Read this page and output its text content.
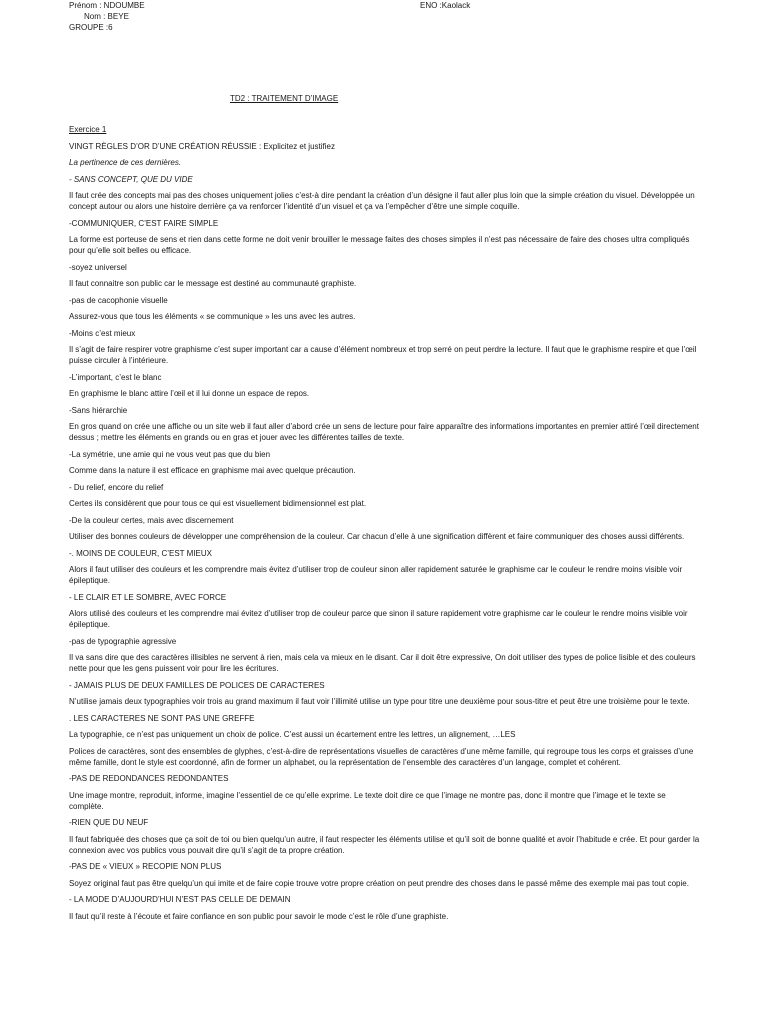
Prénom : NDOUMBE
Nom : BEYE
GROUPE :6
ENO :Kaolack
TD2 : TRAITEMENT D’IMAGE

Exercice 1

VINGT RÈGLES D’OR D’UNE CRÉATION RÉUSSIE : Explicitez et justifiez

La pertinence de ces dernières.

- SANS CONCEPT, QUE DU VIDE

Il faut crée des concepts mai pas des choses uniquement jolies c’est-à dire pendant la création d’un désigne il faut aller plus loin que la simple création du visuel. Développée un concept autour ou alors une histoire derrière ça va renforcer l’identité d’un visuel et ça va l’empêcher d’être une simple coquille.

-COMMUNIQUER, C’EST FAIRE SIMPLE

La forme est porteuse de sens et rien dans cette forme ne doit venir brouiller le message faites des choses simples il n’est pas nécessaire de faire des choses ultra compliqués pour qu’elle soit belles ou efficace.

-soyez universel

Il faut connaitre son public car le message est destiné au communauté graphiste.

-pas de cacophonie visuelle

Assurez-vous que tous les éléments « se communique » les uns avec les autres.

-Moins c’est mieux

Il s’agit de faire respirer votre graphisme c’est super important car a cause d’élément nombreux et trop serré on peut perdre la lecture. Il faut que le graphisme respire et que l’œil puisse circuler à l’intérieure.

-L’important, c’est le blanc

En graphisme le blanc attire l’œil et il lui donne un espace de repos.

-Sans hiérarchie

En gros quand on crée une affiche ou un site web il faut aller d’abord crée un sens de lecture pour faire apparaître des informations importantes en premier attiré l’œil directement dessus ; mettre les éléments en grands ou en gras et jouer avec les différentes tailles de texte.

-La symétrie, une amie qui ne vous veut pas que du bien

Comme dans la nature il est efficace en graphisme mai avec quelque précaution.

- Du relief, encore du relief

Certes ils considèrent que pour tous ce qui est visuellement bidimensionnel est plat.

-De la couleur certes, mais avec discernement

Utiliser des bonnes couleurs de développer une compréhension de la couleur. Car chacun d’elle à une signification diffèrent et faire communiquer des choses aussi différents.

-. MOINS DE COULEUR, C’EST MIEUX

Alors il faut utiliser des couleurs et les comprendre mais évitez d’utiliser trop de couleur sinon aller rapidement saturée le graphisme car le couleur le rendre moins visible voir épileptique.

- LE CLAIR ET LE SOMBRE, AVEC FORCE

Alors utilisé des couleurs et les comprendre mai évitez d’utiliser trop de couleur parce que sinon il sature rapidement votre graphisme car le couleur le rendre moins visible voir épileptique.

-pas de typographie agressive

Il va sans dire que des caractères illisibles ne servent à rien, mais cela va mieux en le disant. Car il doit être expressive, On doit utiliser des types de police lisible et des couleurs nette pour que les gens puissent voir pour lire les écritures.

- JAMAIS PLUS DE DEUX FAMILLES DE POLICES DE CARACTERES

N’utilise jamais deux typographies voir trois au grand maximum il faut voir l’illimité utilise un type pour titre une deuxième pour sous-titre et peut être une troisième pour le texte.

. LES CARACTERES NE SONT PAS UNE GREFFE

La typographie, ce n’est pas uniquement un choix de police. C’est aussi un écartement entre les lettres, un alignement, …LES

Polices de caractères, sont des ensembles de glyphes, c’est-à-dire de représentations visuelles de caractères d’une même famille, qui regroupe tous les corps et graisses d’une même famille, dont le style est coordonné, afin de former un alphabet, ou la représentation de l’ensemble des caractères d’un langage, complet et cohérent.

-PAS DE REDONDANCES REDONDANTES

Une image montre, reproduit, informe, imagine l’essentiel de ce qu’elle exprime. Le texte doit dire ce que l’image ne montre pas, donc il montre que l’image et le texte se complète.

-RIEN QUE DU NEUF

Il faut fabriquée des choses que ça soit de toi ou bien quelqu’un autre, il faut respecter les éléments utilise et qu’il soit de bonne qualité et avoir l’habitude e crée. Et pour garder la connexion avec vos publics vous pouvait dire qu’il s’agit de ta propre création.

-PAS DE « VIEUX » RECOPIE NON PLUS

Soyez original faut pas être quelqu’un qui imite et de faire copie trouve votre propre création on peut prendre des choses dans le passé même des exemple mai pas tout copie.

- LA MODE D’AUJOURD’HUI N’EST PAS CELLE DE DEMAIN

Il faut qu’il reste à l’écoute et faire confiance en son public pour savoir le mode c’est le rôle d’une graphiste.
